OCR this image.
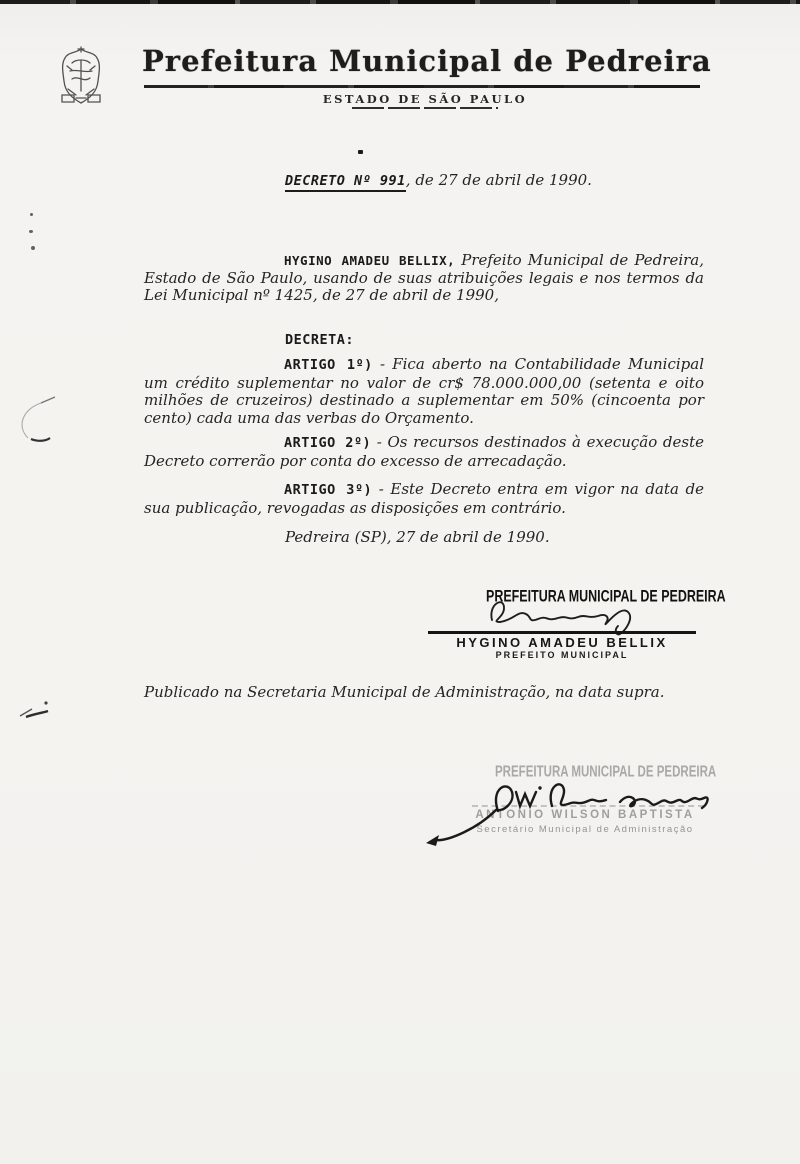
Prefeitura Municipal de Pedreira
ESTADO DE SÃO PAULO
DECRETO Nº 991, de 27 de abril de 1990.

HYGINO AMADEU BELLIX, Prefeito Municipal de Pedreira, Estado de São Paulo, usando de suas atribuições legais e nos termos da Lei Municipal nº 1425, de 27 de abril de 1990,

DECRETA:

ARTIGO 1º) - Fica aberto na Contabilidade Municipal um crédito suplementar no valor de cr$ 78.000.000,00 (setenta e oito milhões de cruzeiros) destinado a suplementar em 50% (cincoenta por cento) cada uma das verbas do Orçamento.

ARTIGO 2º) - Os recursos destinados à execução deste Decreto correrão por conta do excesso de arrecadação.

ARTIGO 3º) - Este Decreto entra em vigor na data de sua publicação, revogadas as disposições em contrário.

Pedreira (SP), 27 de abril de 1990.
PREFEITURA MUNICIPAL DE PEDREIRA
HYGINO AMADEU BELLIX
PREFEITO MUNICIPAL
Publicado na Secretaria Municipal de Administração, na data supra.
PREFEITURA MUNICIPAL DE PEDREIRA
ANTONIO WILSON BAPTISTA
Secretário Municipal de Administração
